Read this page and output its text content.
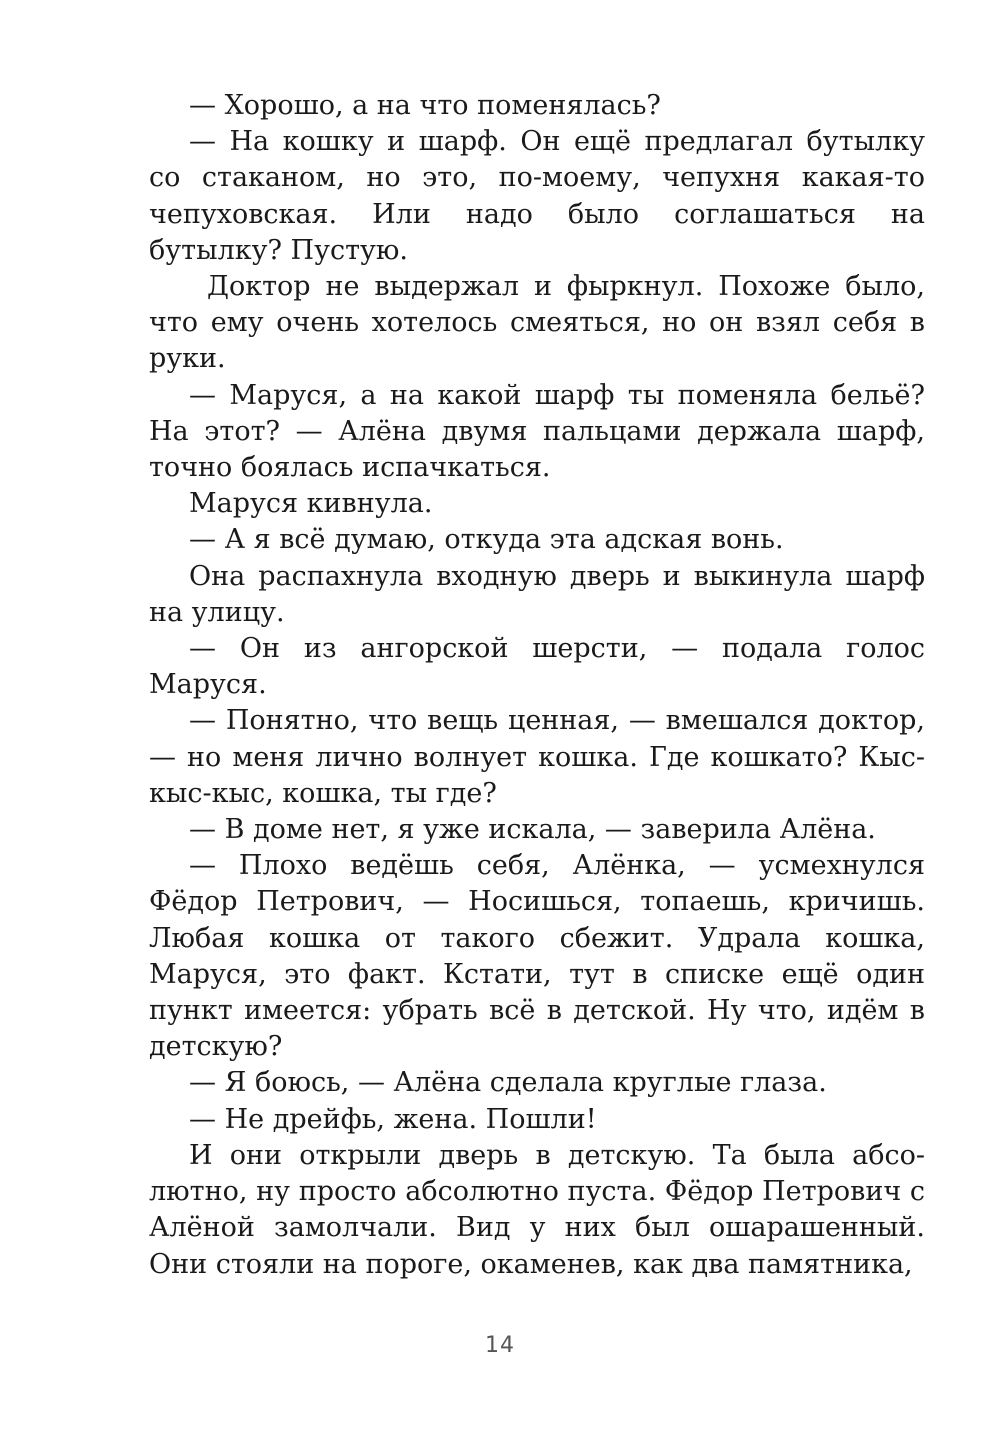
— Хорошо, а на что поменялась?

— На кошку и шарф. Он ещё предлагал бутылку со стаканом, но это, по-моему, чепухня какая-то чепуховская. Или надо было соглашаться на бутылку? Пустую.

Доктор не выдержал и фыркнул. Похоже было, что ему очень хотелось смеяться, но он взял себя в руки.

— Маруся, а на какой шарф ты поменяла бельё? На этот? — Алёна двумя пальцами держала шарф, точно боялась испачкаться.

Маруся кивнула.

— А я всё думаю, откуда эта адская вонь.

Она распахнула входную дверь и выкинула шарф на улицу.

— Он из ангорской шерсти, — подала голос Маруся.

— Понятно, что вещь ценная, — вмешался доктор, — но меня лично волнует кошка. Где кошкато? Кыс-кыс-кыс, кошка, ты где?

— В доме нет, я уже искала, — заверила Алёна.

— Плохо ведёшь себя, Алёнка, — усмехнулся Фёдор Петрович, — Носишься, топаешь, кричишь. Любая кошка от такого сбежит. Удрала кошка, Маруся, это факт. Кстати, тут в списке ещё один пункт имеется: убрать всё в детской. Ну что, идём в детскую?

— Я боюсь, — Алёна сделала круглые глаза.

— Не дрейфь, жена. Пошли!

И они открыли дверь в детскую. Та была абсолютно, ну просто абсолютно пуста. Фёдор Петрович с Алёной замолчали. Вид у них был ошарашенный. Они стояли на пороге, окаменев, как два памятника,

14
